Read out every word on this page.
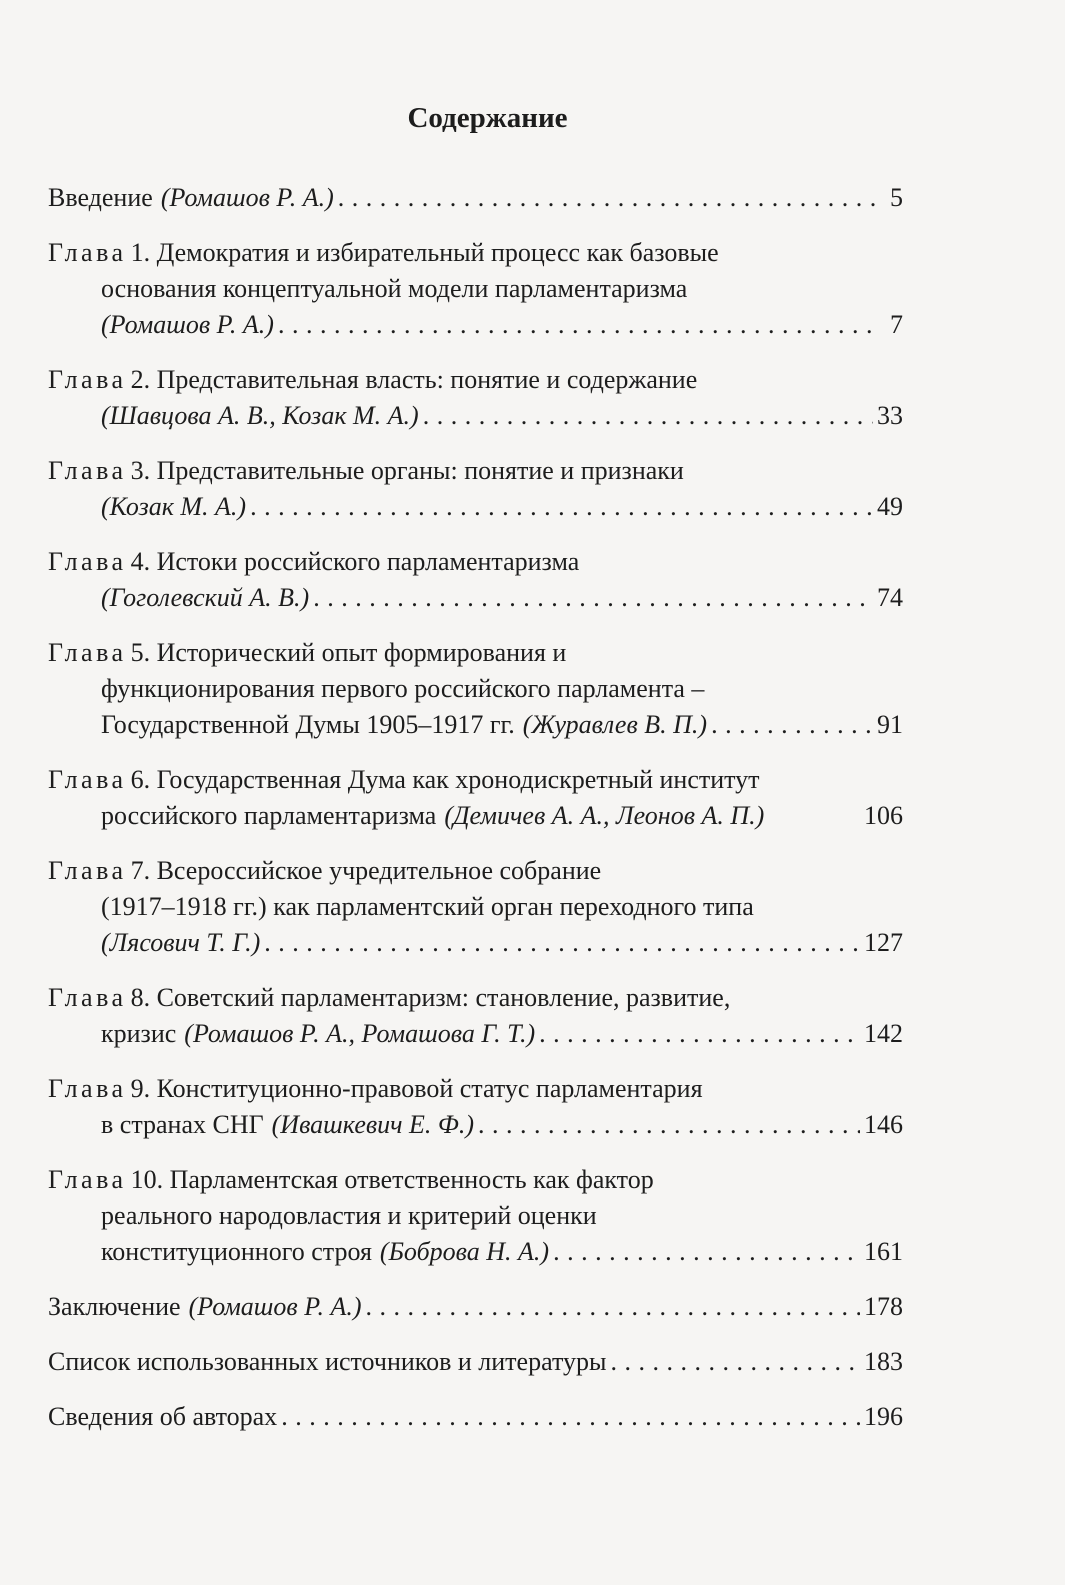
Содержание
Введение (Ромашов Р. А.) . . .	5
Глава 1. Демократия и избирательный процесс как базовые
основания концептуальной модели парламентаризма
(Ромашов Р. А.) . . .	7
Глава 2. Представительная власть: понятие и содержание
(Шавцова А. В., Козак М. А.) . . .	33
Глава 3. Представительные органы: понятие и признаки
(Козак М. А.) . . .	49
Глава 4. Истоки российского парламентаризма
(Гоголевский А. В.) . . .	74
Глава 5. Исторический опыт формирования и
функционирования первого российского парламента –
Государственной Думы 1905–1917 гг. (Журавлев В. П.) . . .	91
Глава 6. Государственная Дума как хронодискретный институт
российского парламентаризма (Демичев А. А., Леонов А. П.)	106
Глава 7. Всероссийское учредительное собрание
(1917–1918 гг.) как парламентский орган переходного типа
(Лясович Т. Г.) . . .	127
Глава 8. Советский парламентаризм: становление, развитие,
кризис (Ромашов Р. А., Ромашова Г. Т.) . . .	142
Глава 9. Конституционно-правовой статус парламентария
в странах СНГ (Ивашкевич Е. Ф.) . . .	146
Глава 10. Парламентская ответственность как фактор
реального народовластия и критерий оценки
конституционного строя (Боброва Н. А.) . . .	161
Заключение (Ромашов Р. А.) . . .	178
Список использованных источников и литературы . . .	183
Сведения об авторах . . .	196
